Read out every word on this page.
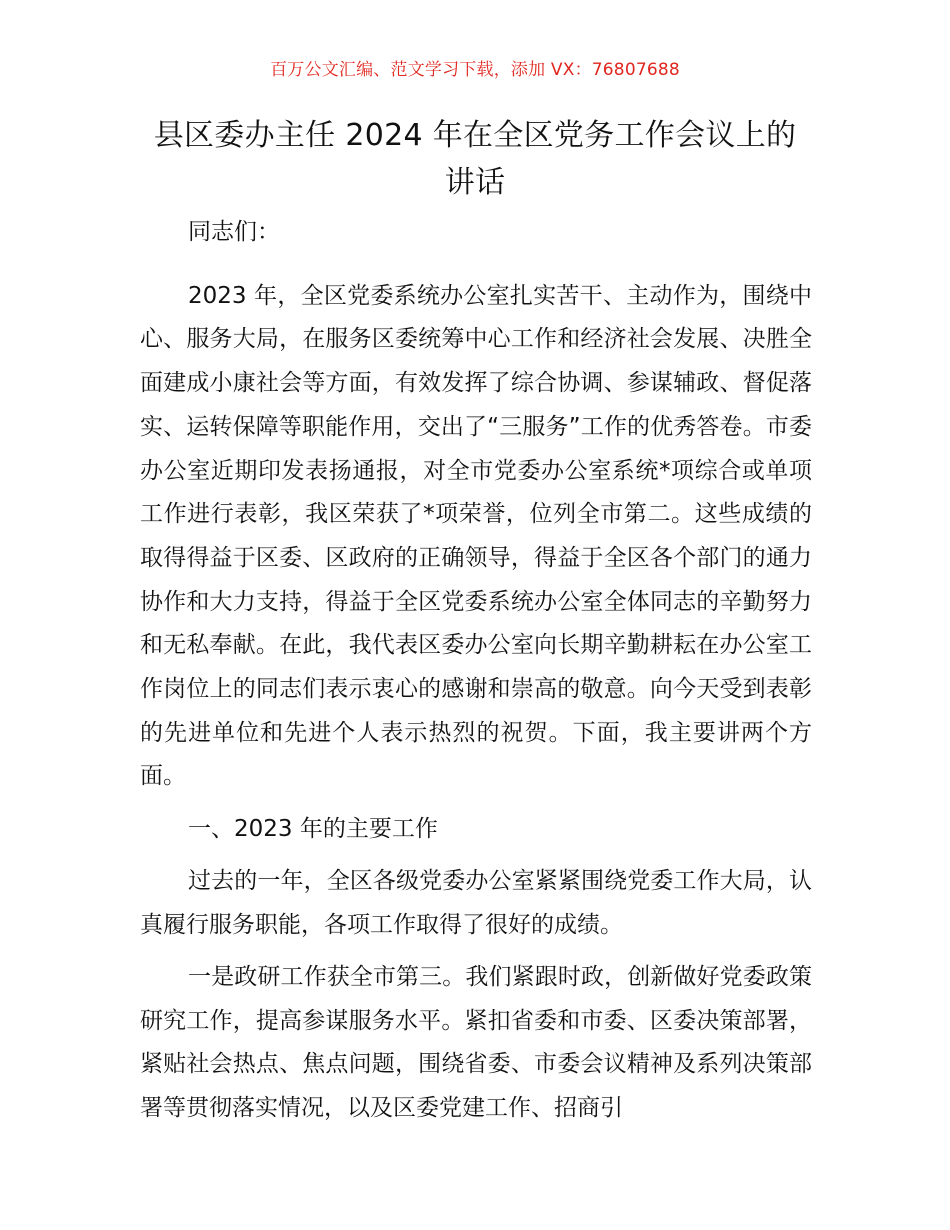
百万公文汇编、范文学习下载，添加 VX：76807688
县区委办主任 2024 年在全区党务工作会议上的讲话

同志们：

2023 年，全区党委系统办公室扎实苦干、主动作为，围绕中心、服务大局，在服务区委统筹中心工作和经济社会发展、决胜全面建成小康社会等方面，有效发挥了综合协调、参谋辅政、督促落实、运转保障等职能作用，交出了“三服务”工作的优秀答卷。市委办公室近期印发表扬通报，对全市党委办公室系统*项综合或单项工作进行表彰，我区荣获了*项荣誉，位列全市第二。这些成绩的取得得益于区委、区政府的正确领导，得益于全区各个部门的通力协作和大力支持，得益于全区党委系统办公室全体同志的辛勤努力和无私奉献。在此，我代表区委办公室向长期辛勤耕耘在办公室工作岗位上的同志们表示衷心的感谢和崇高的敬意。向今天受到表彰的先进单位和先进个人表示热烈的祝贺。下面，我主要讲两个方面。

一、2023 年的主要工作

过去的一年，全区各级党委办公室紧紧围绕党委工作大局，认真履行服务职能，各项工作取得了很好的成绩。

一是政研工作获全市第三。我们紧跟时政，创新做好党委政策研究工作，提高参谋服务水平。紧扣省委和市委、区委决策部署，紧贴社会热点、焦点问题，围绕省委、市委会议精神及系列决策部署等贯彻落实情况，以及区委党建工作、招商引
